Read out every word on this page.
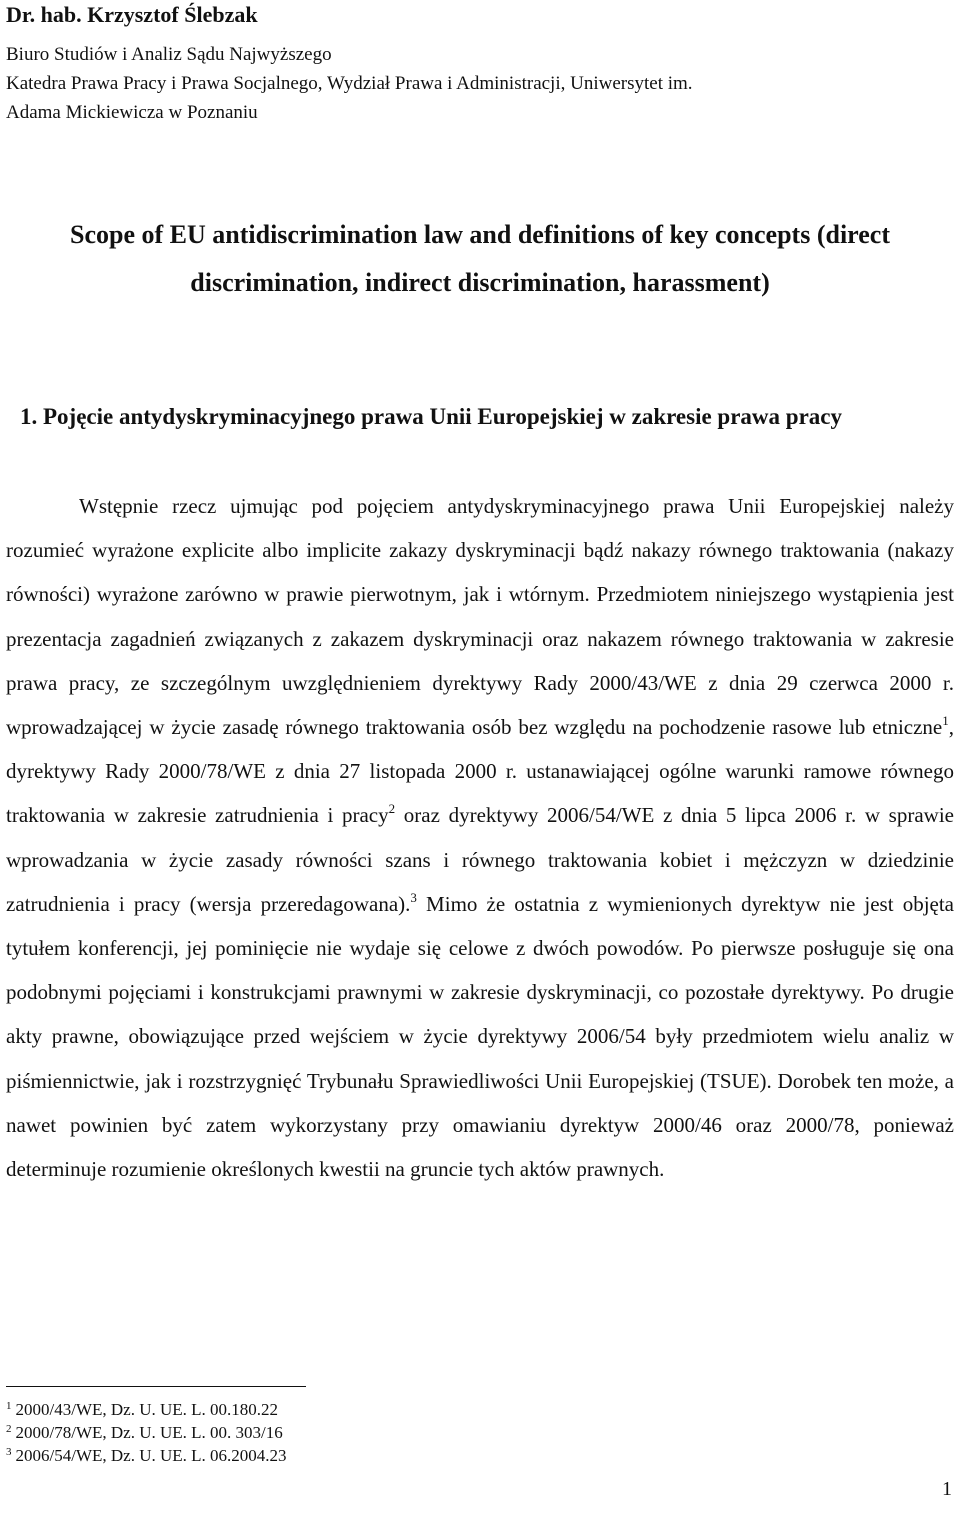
Dr. hab. Krzysztof Ślebzak
Biuro Studiów i Analiz Sądu Najwyższego
Katedra Prawa Pracy i Prawa Socjalnego, Wydział Prawa i Administracji, Uniwersytet im.
Adama Mickiewicza w Poznaniu
Scope of EU antidiscrimination law and definitions of key concepts (direct
discrimination, indirect discrimination, harassment)
1. Pojęcie antydyskryminacyjnego prawa Unii Europejskiej w zakresie prawa pracy

Wstępnie rzecz ujmując pod pojęciem antydyskryminacyjnego prawa Unii Europejskiej należy rozumieć wyrażone explicite albo implicite zakazy dyskryminacji bądź nakazy równego traktowania (nakazy równości) wyrażone zarówno w prawie pierwotnym, jak i wtórnym. Przedmiotem niniejszego wystąpienia jest prezentacja zagadnień związanych z zakazem dyskryminacji oraz nakazem równego traktowania w zakresie prawa pracy, ze szczególnym uwzględnieniem dyrektywy Rady 2000/43/WE z dnia 29 czerwca 2000 r. wprowadzającej w życie zasadę równego traktowania osób bez względu na pochodzenie rasowe lub etniczne$^1$, dyrektywy Rady 2000/78/WE z dnia 27 listopada 2000 r. ustanawiającej ogólne warunki ramowe równego traktowania w zakresie zatrudnienia i pracy$^2$ oraz dyrektywy 2006/54/WE z dnia 5 lipca 2006 r. w sprawie wprowadzania w życie zasady równości szans i równego traktowania kobiet i mężczyzn w dziedzinie zatrudnienia i pracy (wersja przeredagowana).$^3$ Mimo że ostatnia z wymienionych dyrektyw nie jest objęta tytułem konferencji, jej pominięcie nie wydaje się celowe z dwóch powodów. Po pierwsze posługuje się ona podobnymi pojęciami i konstrukcjami prawnymi w zakresie dyskryminacji, co pozostałe dyrektywy. Po drugie akty prawne, obowiązujące przed wejściem w życie dyrektywy 2006/54 były przedmiotem wielu analiz w piśmiennictwie, jak i rozstrzygnięć Trybunału Sprawiedliwości Unii Europejskiej (TSUE). Dorobek ten może, a nawet powinien być zatem wykorzystany przy omawianiu dyrektyw 2000/46 oraz 2000/78, ponieważ determinuje rozumienie określonych kwestii na gruncie tych aktów prawnych.

$^1$ 2000/43/WE, Dz. U. UE. L. 00.180.22
$^2$ 2000/78/WE, Dz. U. UE. L. 00. 303/16
$^3$ 2006/54/WE, Dz. U. UE. L. 06.2004.23
1
